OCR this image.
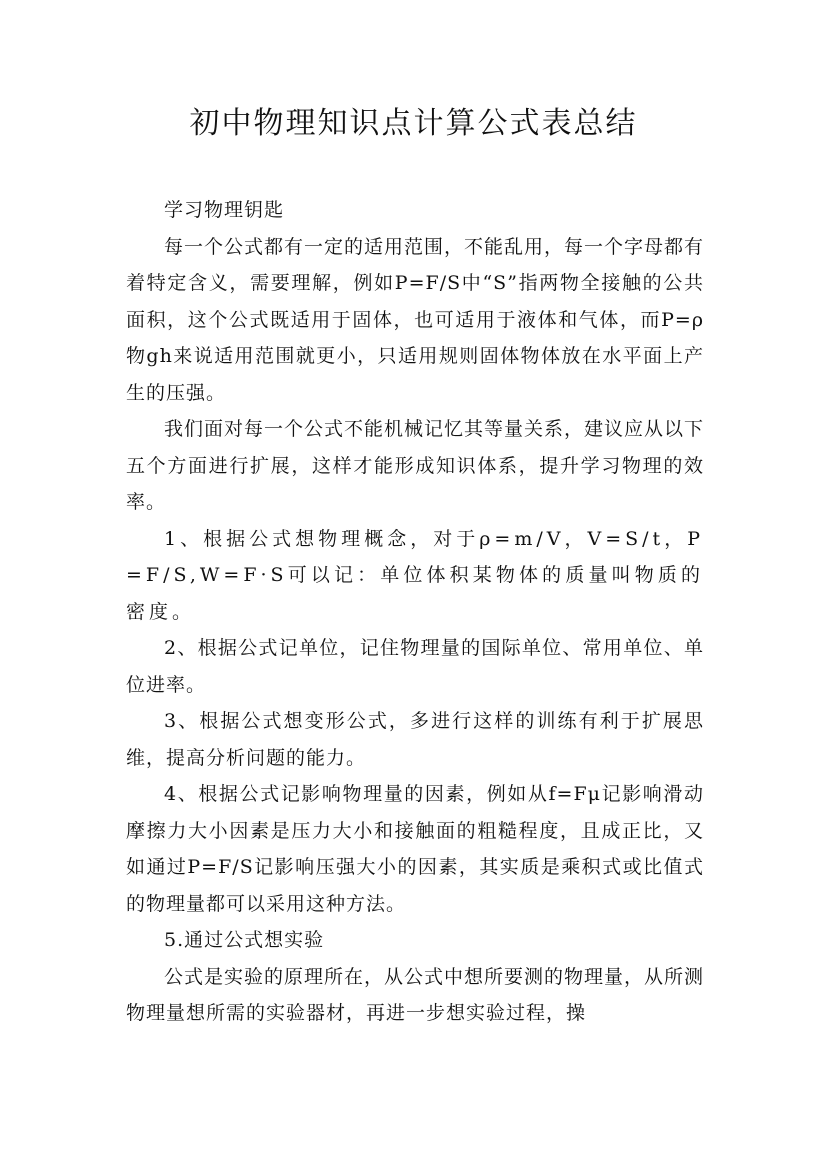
初中物理知识点计算公式表总结

学习物理钥匙

每一个公式都有一定的适用范围，不能乱用，每一个字母都有着特定含义，需要理解，例如P=F/S中“S”指两物全接触的公共面积，这个公式既适用于固体，也可适用于液体和气体，而P=ρ物gh来说适用范围就更小，只适用规则固体物体放在水平面上产生的压强。

我们面对每一个公式不能机械记忆其等量关系，建议应从以下五个方面进行扩展，这样才能形成知识体系，提升学习物理的效率。

1、根据公式想物理概念，对于ρ=m/V，V=S/t，P=F/S,W=F·S可以记：单位体积某物体的质量叫物质的密度。

2、根据公式记单位，记住物理量的国际单位、常用单位、单位进率。

3、根据公式想变形公式，多进行这样的训练有利于扩展思维，提高分析问题的能力。

4、根据公式记影响物理量的因素，例如从f=Fμ记影响滑动摩擦力大小因素是压力大小和接触面的粗糙程度，且成正比，又如通过P=F/S记影响压强大小的因素，其实质是乘积式或比值式的物理量都可以采用这种方法。

5.通过公式想实验

公式是实验的原理所在，从公式中想所要测的物理量，从所测物理量想所需的实验器材，再进一步想实验过程，操
